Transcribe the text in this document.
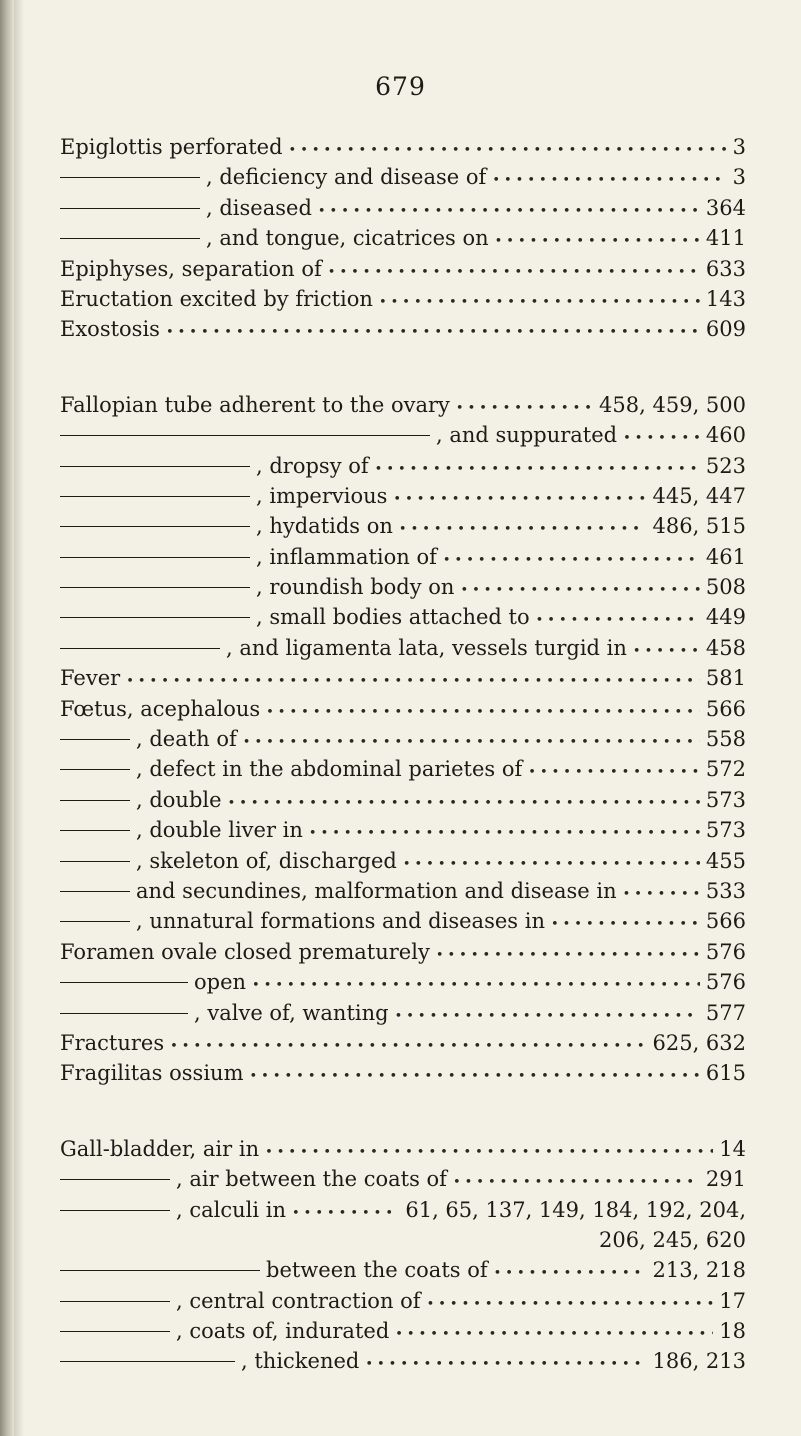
679
Epiglottis perforated •••••	3
, deficiency and disease of •••••	3
, diseased •••••	364
, and tongue, cicatrices on •••••	411
Epiphyses, separation of •••••	633
Eructation excited by friction •••••	143
Exostosis •••••	609
Fallopian tube adherent to the ovary •••••	458, 459, 500
, and suppurated •••••	460
, dropsy of •••••	523
, impervious •••••	445, 447
, hydatids on •••••	486, 515
, inflammation of •••••	461
, roundish body on •••••	508
, small bodies attached to •••••	449
, and ligamenta lata, vessels turgid in •••••	458
Fever •••••	581
Fœtus, acephalous •••••	566
, death of •••••	558
, defect in the abdominal parietes of •••••	572
, double •••••	573
, double liver in •••••	573
, skeleton of, discharged •••••	455
and secundines, malformation and disease in •••••	533
, unnatural formations and diseases in •••••	566
Foramen ovale closed prematurely •••••	576
open •••••	576
, valve of, wanting •••••	577
Fractures •••••	625, 632
Fragilitas ossium •••••	615
Gall-bladder, air in •••••	14
, air between the coats of •••••	291
, calculi in •••••	61, 65, 137, 149, 184, 192, 204,
206, 245, 620
between the coats of •••••	213, 218
, central contraction of •••••	17
, coats of, indurated •••••	18
, thickened •••••	186, 213
